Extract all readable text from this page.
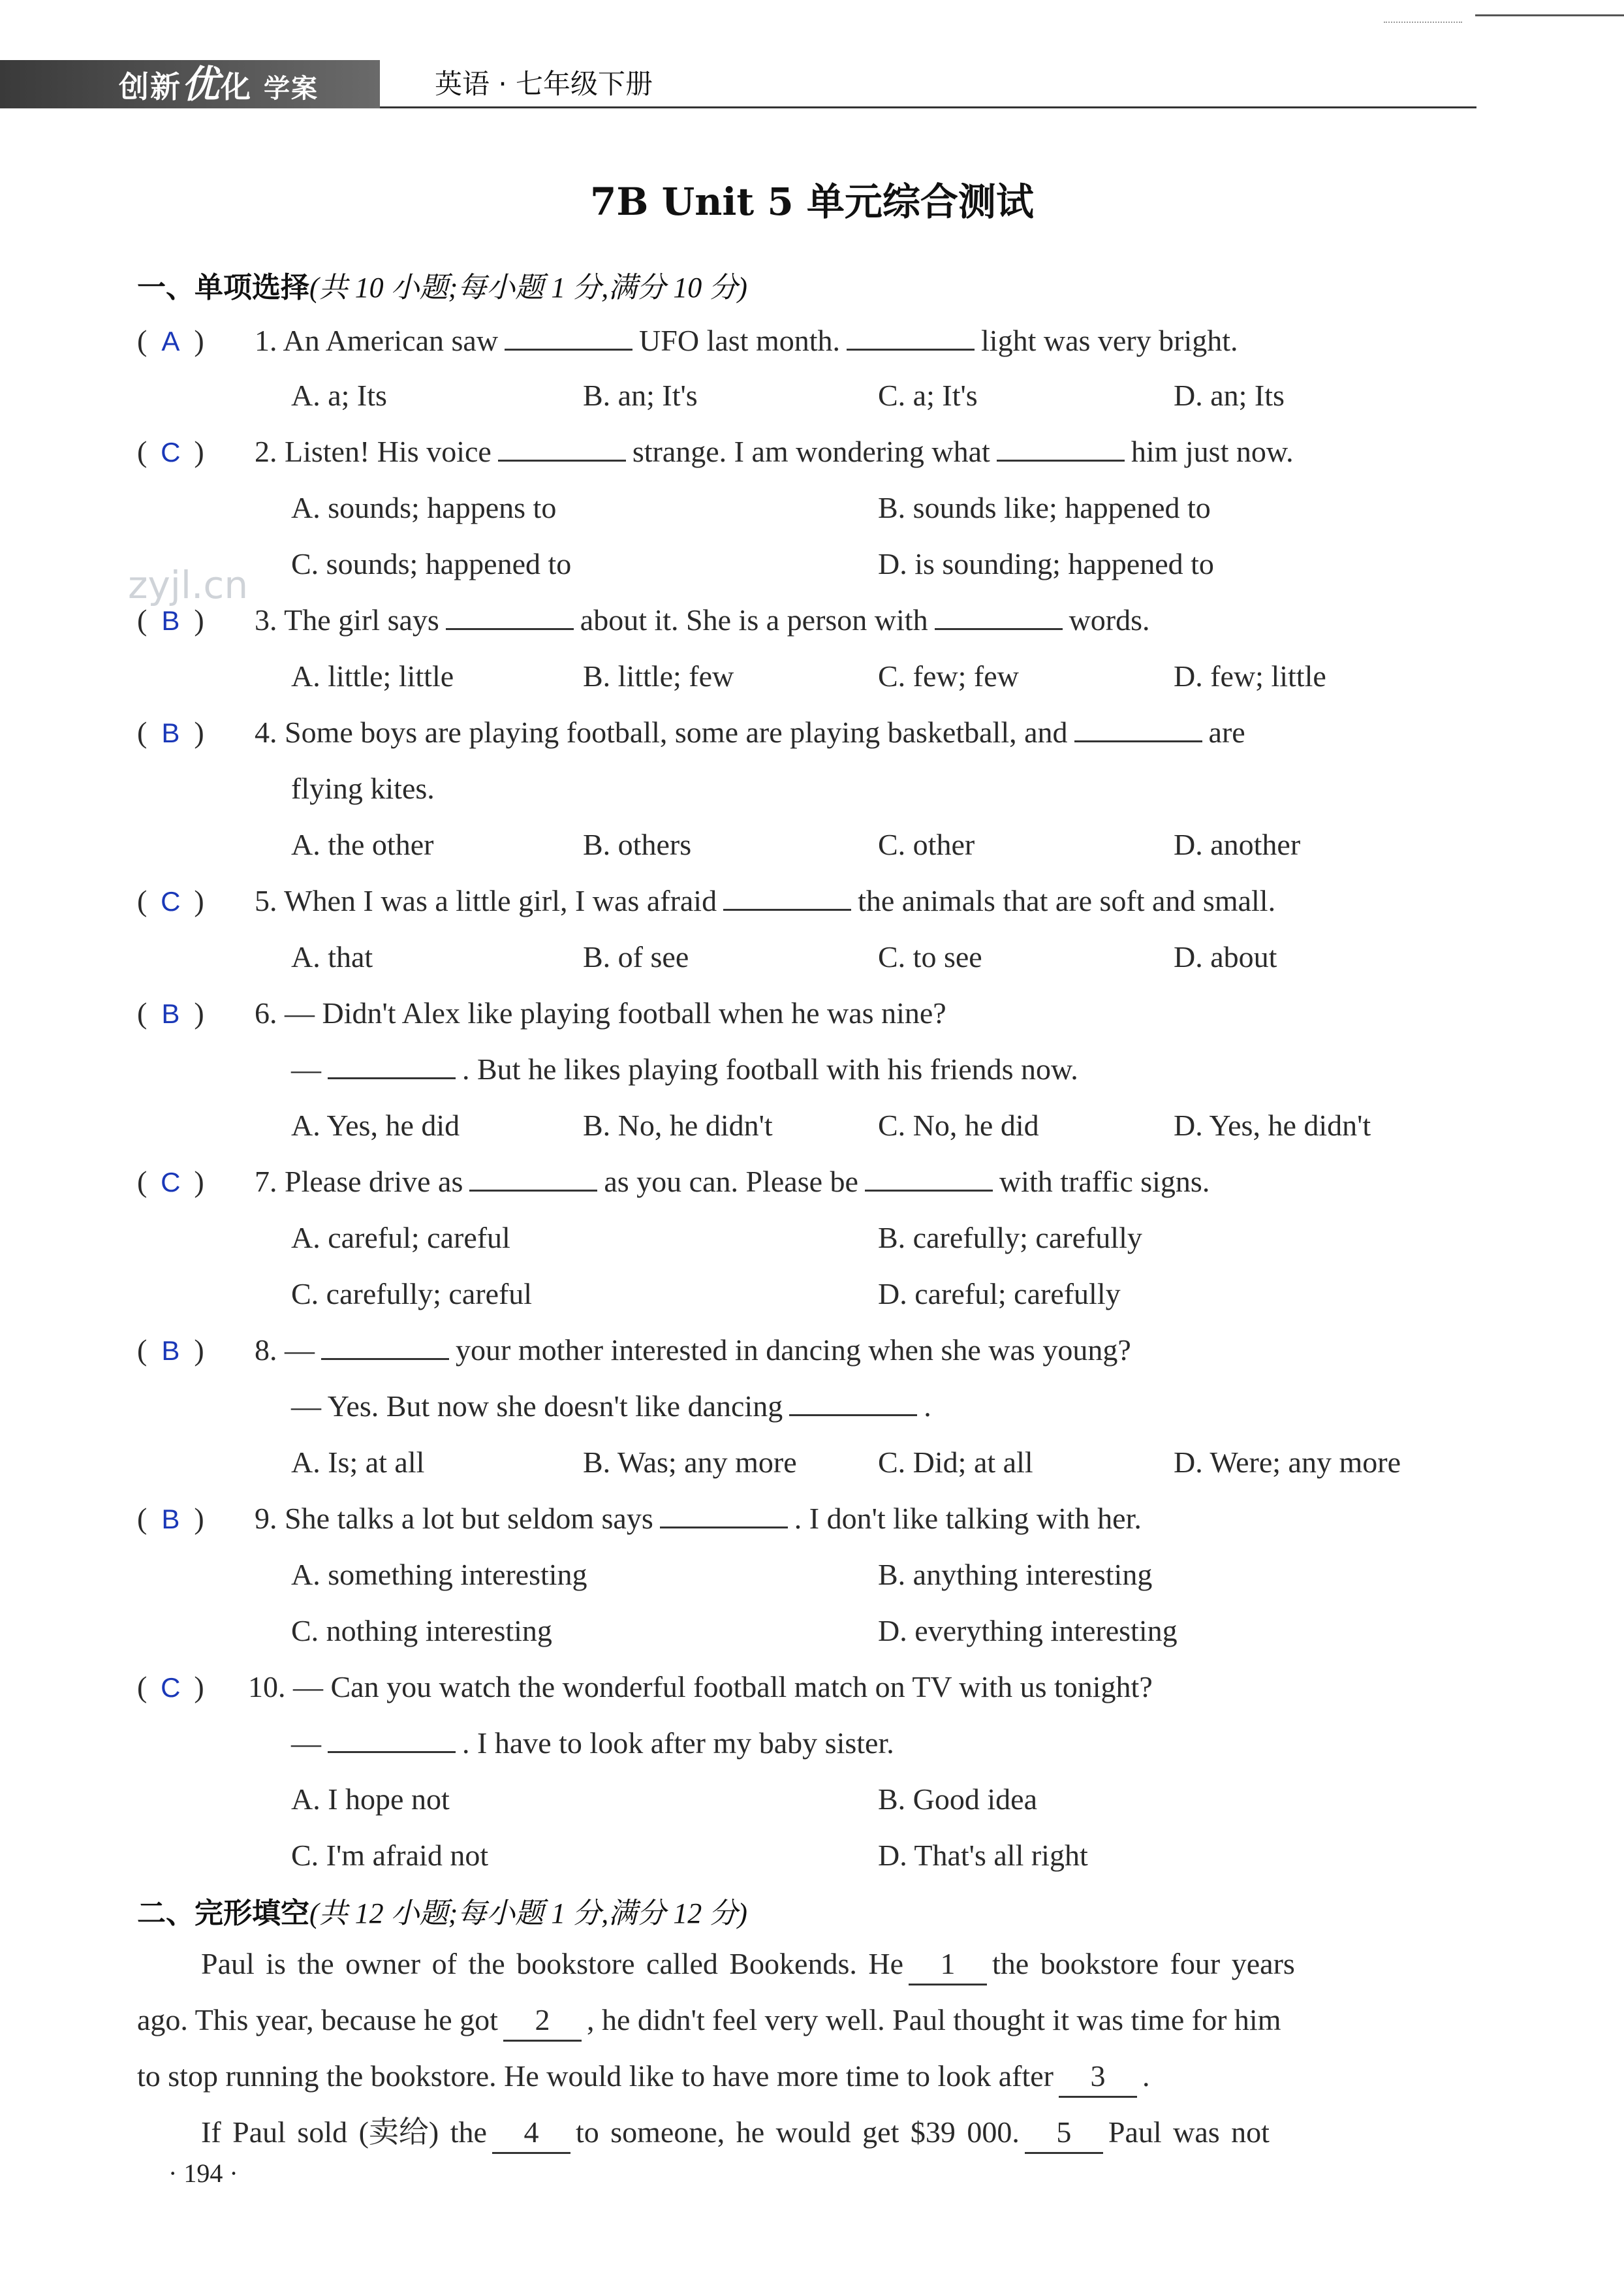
创新优化 学案	英语 · 七年级下册
7B Unit 5 单元综合测试
一、单项选择(共 10 小题;每小题 1 分,满分 10 分)
zyjl.cn
( A ) 1. An American saw	UFO last month.	light was very bright.
A. a; Its	B. an; It's	C. a; It's	D. an; Its
( C ) 2. Listen! His voice	strange. I am wondering what	him just now.
A. sounds; happens to	B. sounds like; happened to
C. sounds; happened to	D. is sounding; happened to
( B ) 3. The girl says	about it. She is a person with	words.
A. little; little	B. little; few	C. few; few	D. few; little
( B ) 4. Some boys are playing football, some are playing basketball, and	are
flying kites.
A. the other	B. others	C. other	D. another
( C ) 5. When I was a little girl, I was afraid	the animals that are soft and small.
A. that	B. of see	C. to see	D. about
( B ) 6. — Didn't Alex like playing football when he was nine?
—	. But he likes playing football with his friends now.
A. Yes, he did	B. No, he didn't	C. No, he did	D. Yes, he didn't
( C ) 7. Please drive as	as you can. Please be	with traffic signs.
A. careful; careful	B. carefully; carefully
C. carefully; careful	D. careful; carefully
( B ) 8. —	your mother interested in dancing when she was young?
— Yes. But now she doesn't like dancing	.
A. Is; at all	B. Was; any more	C. Did; at all	D. Were; any more
( B ) 9. She talks a lot but seldom says	. I don't like talking with her.
A. something interesting	B. anything interesting
C. nothing interesting	D. everything interesting
( C ) 10. — Can you watch the wonderful football match on TV with us tonight?
—	. I have to look after my baby sister.
A. I hope not	B. Good idea
C. I'm afraid not	D. That's all right
二、完形填空(共 12 小题;每小题 1 分,满分 12 分)
Paul is the owner of the bookstore called Bookends. He 1 the bookstore four years
ago. This year, because he got 2 , he didn't feel very well. Paul thought it was time for him
to stop running the bookstore. He would like to have more time to look after 3 .
If Paul sold (卖给) the 4 to someone, he would get $39 000. 5 Paul was not
· 194 ·
